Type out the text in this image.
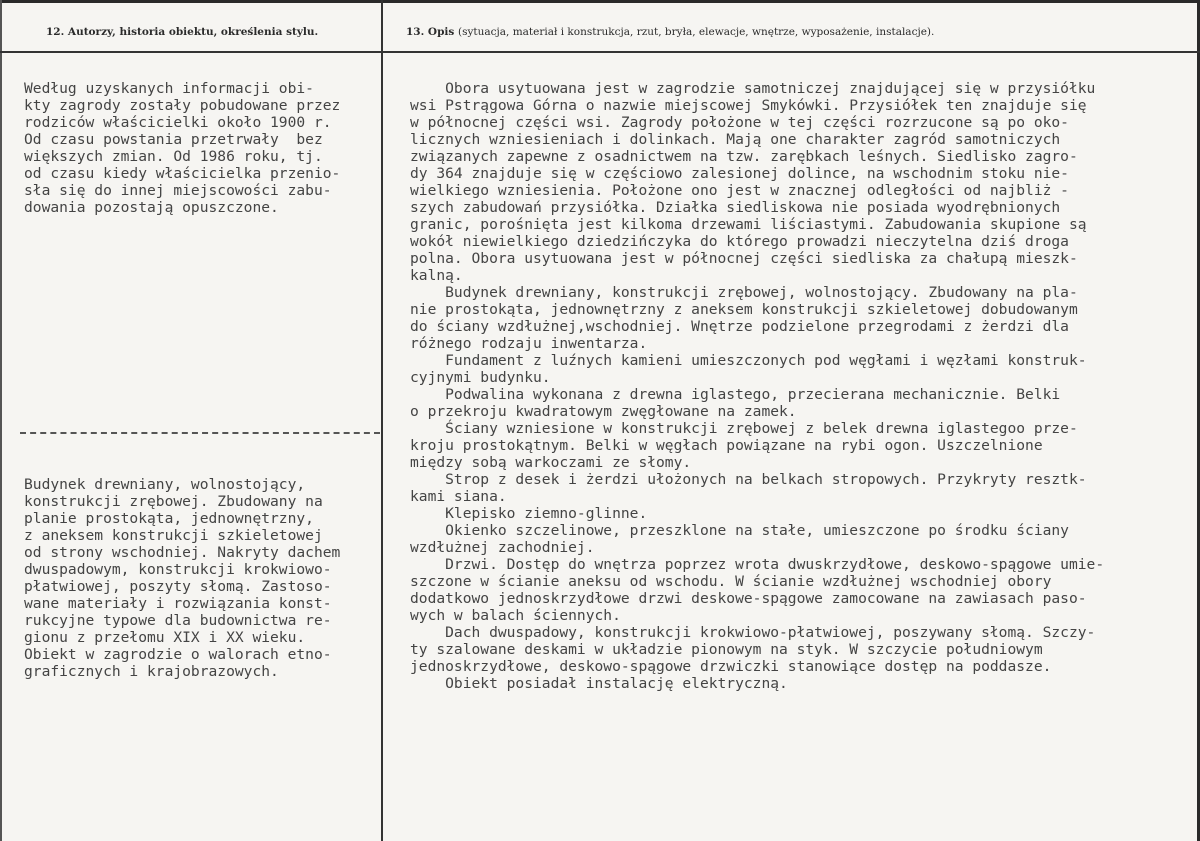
12. Autorzy, historia obiektu, określenia stylu.	13. Opis (sytuacja, materiał i konstrukcja, rzut, bryła, elewacje, wnętrze, wyposażenie, instalacje).
Według uzyskanych informacji obi-
kty zagrody zostały pobudowane przez
rodziców właścicielki około 1900 r.
Od czasu powstania przetrwały  bez
większych zmian. Od 1986 roku, tj.
od czasu kiedy właścicielka przenio-
sła się do innej miejscowości zabu-
dowania pozostają opuszczone.
Budynek drewniany, wolnostojący,
konstrukcji zrębowej. Zbudowany na
planie prostokąta, jednownętrzny,
z aneksem konstrukcji szkieletowej
od strony wschodniej. Nakryty dachem
dwuspadowym, konstrukcji krokwiowo-
płatwiowej, poszyty słomą. Zastoso-
wane materiały i rozwiązania konst-
rukcyjne typowe dla budownictwa re-
gionu z przełomu XIX i XX wieku.
Obiekt w zagrodzie o walorach etno-
graficznych i krajobrazowych.
Obora usytuowana jest w zagrodzie samotniczej znajdującej się w przysiółku
wsi Pstrągowa Górna o nazwie miejscowej Smykówki. Przysiółek ten znajduje się
w północnej części wsi. Zagrody położone w tej części rozrzucone są po oko-
licznych wzniesieniach i dolinkach. Mają one charakter zagród samotniczych
związanych zapewne z osadnictwem na tzw. zarębkach leśnych. Siedlisko zagro-
dy 364 znajduje się w częściowo zalesionej dolince, na wschodnim stoku nie-
wielkiego wzniesienia. Położone ono jest w znacznej odległości od najbliż -
szych zabudowań przysiółka. Działka siedliskowa nie posiada wyodrębnionych
granic, porośnięta jest kilkoma drzewami liściastymi. Zabudowania skupione są
wokół niewielkiego dziedzińczyka do którego prowadzi nieczytelna dziś droga
polna. Obora usytuowana jest w północnej części siedliska za chałupą mieszk-
kalną.
Budynek drewniany, konstrukcji zrębowej, wolnostojący. Zbudowany na pla-
nie prostokąta, jednownętrzny z aneksem konstrukcji szkieletowej dobudowanym
do ściany wzdłużnej,wschodniej. Wnętrze podzielone przegrodami z żerdzi dla
różnego rodzaju inwentarza.
Fundament z luźnych kamieni umieszczonych pod węgłami i węzłami konstruk-
cyjnymi budynku.
Podwalina wykonana z drewna iglastego, przecierana mechanicznie. Belki
o przekroju kwadratowym zwęgłowane na zamek.
Ściany wzniesione w konstrukcji zrębowej z belek drewna iglastegoo prze-
kroju prostokątnym. Belki w węgłach powiązane na rybi ogon. Uszczelnione
między sobą warkoczami ze słomy.
Strop z desek i żerdzi ułożonych na belkach stropowych. Przykryty resztk-
kami siana.
Klepisko ziemno-glinne.
Okienko szczelinowe, przeszklone na stałe, umieszczone po środku ściany
wzdłużnej zachodniej.
Drzwi. Dostęp do wnętrza poprzez wrota dwuskrzydłowe, deskowo-spągowe umie-
szczone w ścianie aneksu od wschodu. W ścianie wzdłużnej wschodniej obory
dodatkowo jednoskrzydłowe drzwi deskowe-spągowe zamocowane na zawiasach paso-
wych w balach ściennych.
Dach dwuspadowy, konstrukcji krokwiowo-płatwiowej, poszywany słomą. Szczy-
ty szalowane deskami w układzie pionowym na styk. W szczycie południowym
jednoskrzydłowe, deskowo-spągowe drzwiczki stanowiące dostęp na poddasze.
Obiekt posiadał instalację elektryczną.
